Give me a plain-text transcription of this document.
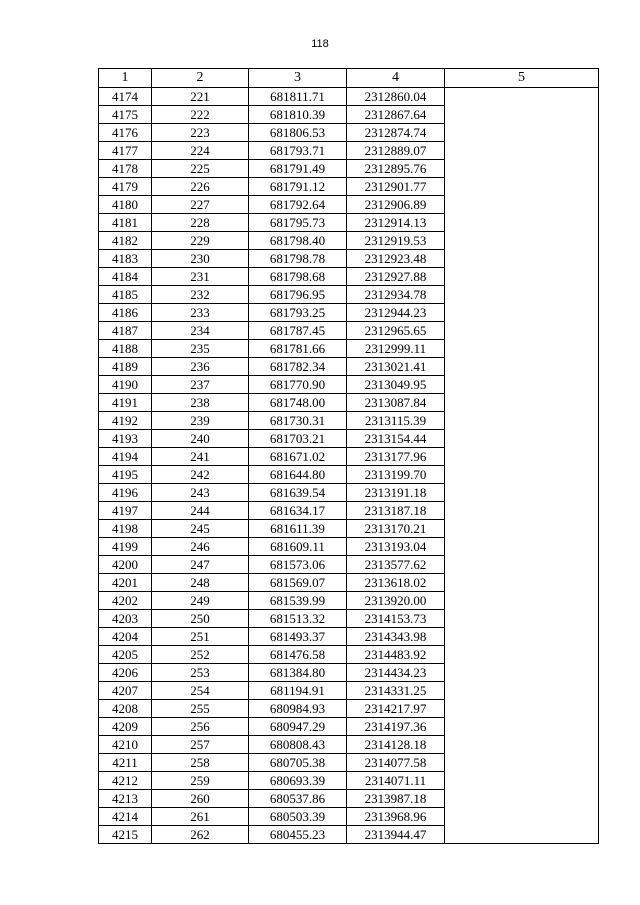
118
1	2	3	4	5
4174	221	681811.71	2312860.04	
4175	222	681810.39	2312867.64	
4176	223	681806.53	2312874.74	
4177	224	681793.71	2312889.07	
4178	225	681791.49	2312895.76	
4179	226	681791.12	2312901.77	
4180	227	681792.64	2312906.89	
4181	228	681795.73	2312914.13	
4182	229	681798.40	2312919.53	
4183	230	681798.78	2312923.48	
4184	231	681798.68	2312927.88	
4185	232	681796.95	2312934.78	
4186	233	681793.25	2312944.23	
4187	234	681787.45	2312965.65	
4188	235	681781.66	2312999.11	
4189	236	681782.34	2313021.41	
4190	237	681770.90	2313049.95	
4191	238	681748.00	2313087.84	
4192	239	681730.31	2313115.39	
4193	240	681703.21	2313154.44	
4194	241	681671.02	2313177.96	
4195	242	681644.80	2313199.70	
4196	243	681639.54	2313191.18	
4197	244	681634.17	2313187.18	
4198	245	681611.39	2313170.21	
4199	246	681609.11	2313193.04	
4200	247	681573.06	2313577.62	
4201	248	681569.07	2313618.02	
4202	249	681539.99	2313920.00	
4203	250	681513.32	2314153.73	
4204	251	681493.37	2314343.98	
4205	252	681476.58	2314483.92	
4206	253	681384.80	2314434.23	
4207	254	681194.91	2314331.25	
4208	255	680984.93	2314217.97	
4209	256	680947.29	2314197.36	
4210	257	680808.43	2314128.18	
4211	258	680705.38	2314077.58	
4212	259	680693.39	2314071.11	
4213	260	680537.86	2313987.18	
4214	261	680503.39	2313968.96	
4215	262	680455.23	2313944.47	
